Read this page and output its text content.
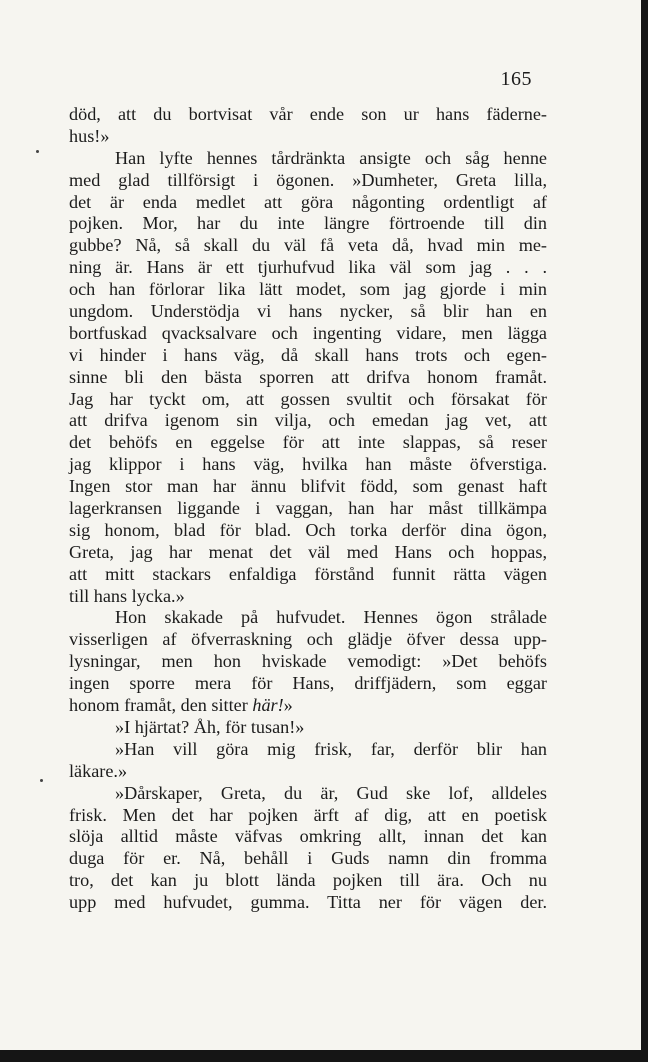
165
död, att du bortvisat vår ende son ur hans fäderne-
hus!»
Han lyfte hennes tårdränkta ansigte och såg henne
med glad tillförsigt i ögonen. »Dumheter, Greta lilla,
det är enda medlet att göra någonting ordentligt af
pojken. Mor, har du inte längre förtroende till din
gubbe? Nå, så skall du väl få veta då, hvad min me-
ning är. Hans är ett tjurhufvud lika väl som jag . . .
och han förlorar lika lätt modet, som jag gjorde i min
ungdom. Understödja vi hans nycker, så blir han en
bortfuskad qvacksalvare och ingenting vidare, men lägga
vi hinder i hans väg, då skall hans trots och egen-
sinne bli den bästa sporren att drifva honom framåt.
Jag har tyckt om, att gossen svultit och försakat för
att drifva igenom sin vilja, och emedan jag vet, att
det behöfs en eggelse för att inte slappas, så reser
jag klippor i hans väg, hvilka han måste öfverstiga.
Ingen stor man har ännu blifvit född, som genast haft
lagerkransen liggande i vaggan, han har måst tillkämpa
sig honom, blad för blad. Och torka derför dina ögon,
Greta, jag har menat det väl med Hans och hoppas,
att mitt stackars enfaldiga förstånd funnit rätta vägen
till hans lycka.»
Hon skakade på hufvudet. Hennes ögon strålade
visserligen af öfverraskning och glädje öfver dessa upp-
lysningar, men hon hviskade vemodigt: »Det behöfs
ingen sporre mera för Hans, driffjädern, som eggar
honom framåt, den sitter här!»
»I hjärtat? Åh, för tusan!»
»Han vill göra mig frisk, far, derför blir han
läkare.»
»Dårskaper, Greta, du är, Gud ske lof, alldeles
frisk. Men det har pojken ärft af dig, att en poetisk
slöja alltid måste väfvas omkring allt, innan det kan
duga för er. Nå, behåll i Guds namn din fromma
tro, det kan ju blott lända pojken till ära. Och nu
upp med hufvudet, gumma. Titta ner för vägen der.
